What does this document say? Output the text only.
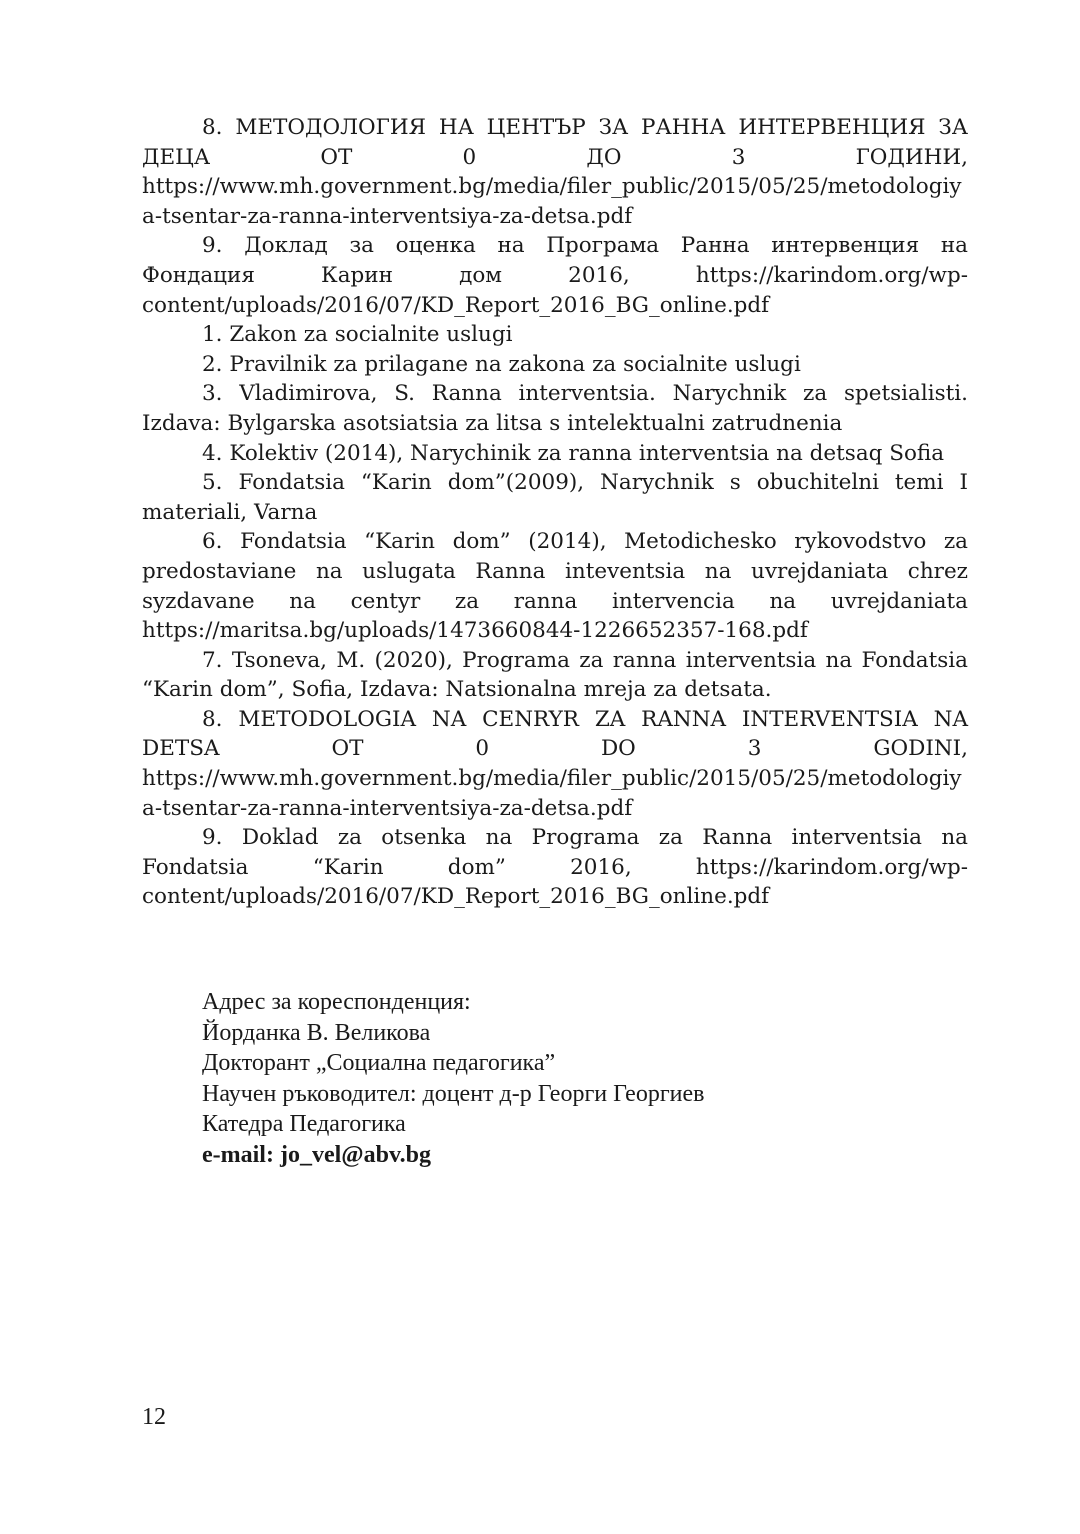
8. МЕТОДОЛОГИЯ НА ЦЕНТЪР ЗА РАННА ИНТЕРВЕНЦИЯ ЗА ДЕЦА ОТ 0 ДО 3 ГОДИНИ, https://www.mh.government.bg/media/filer_public/2015/05/25/metodologiya-tsentar-za-ranna-interventsiya-za-detsa.pdf

9. Доклад за оценка на Програма Ранна интервенция на Фондация Карин дом 2016, https://karindom.org/wp-content/uploads/2016/07/KD_Report_2016_BG_online.pdf

1. Zakon za socialnite uslugi

2. Pravilnik za prilagane na zakona za socialnite uslugi

3. Vladimirova, S. Ranna interventsia. Narychnik za spetsialisti. Izdava: Bylgarska asotsiatsia za litsa s intelektualni zatrudnenia

4. Kolektiv (2014), Narychinik za ranna interventsia na detsaq Sofia

5. Fondatsia “Karin dom”(2009), Narychnik s obuchitelni temi I materiali, Varna

6. Fondatsia “Karin dom” (2014), Metodichesko rykovodstvo za predostaviane na uslugata Ranna inteventsia na uvrejdaniata chrez syzdavane na centyr za ranna intervencia na uvrejdaniata https://maritsa.bg/uploads/1473660844-1226652357-168.pdf

7. Tsoneva, M. (2020), Programa za ranna interventsia na Fondatsia “Karin dom”, Sofia, Izdava: Natsionalna mreja za detsata.

8. METODOLOGIA NA CENRYR ZA RANNA INTERVENTSIA NA DETSA OT 0 DO 3 GODINI, https://www.mh.government.bg/media/filer_public/2015/05/25/metodologiya-tsentar-za-ranna-interventsiya-za-detsa.pdf

9. Doklad za otsenka na Programa za Ranna interventsia na Fondatsia “Karin dom” 2016, https://karindom.org/wp-content/uploads/2016/07/KD_Report_2016_BG_online.pdf

Адрес за кореспонденция:
Йорданка В. Великова
Докторант „Социална педагогика”
Научен ръководител: доцент д-р Георги Георгиев
Катедра Педагогика
e-mail: jo_vel@abv.bg
12
